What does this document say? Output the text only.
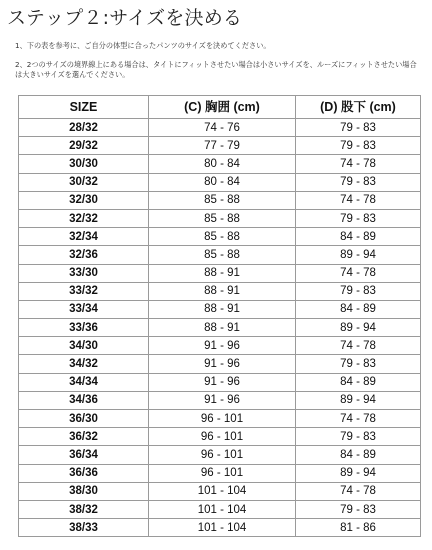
ステップ２:サイズを決める

1、下の表を参考に、ご自分の体型に合ったパンツのサイズを決めてください。

2、2つのサイズの境界線上にある場合は、タイトにフィットさせたい場合は小さいサイズを、ルーズにフィットさせたい場合は大きいサイズを選んでください。

SIZE	(C) 胸囲 (cm)	(D) 股下 (cm)
28/32	74 - 76	79 - 83
29/32	77 - 79	79 - 83
30/30	80 - 84	74 - 78
30/32	80 - 84	79 - 83
32/30	85 - 88	74 - 78
32/32	85 - 88	79 - 83
32/34	85 - 88	84 - 89
32/36	85 - 88	89 - 94
33/30	88 - 91	74 - 78
33/32	88 - 91	79 - 83
33/34	88 - 91	84 - 89
33/36	88 - 91	89 - 94
34/30	91 - 96	74 - 78
34/32	91 - 96	79 - 83
34/34	91 - 96	84 - 89
34/36	91 - 96	89 - 94
36/30	96 - 101	74 - 78
36/32	96 - 101	79 - 83
36/34	96 - 101	84 - 89
36/36	96 - 101	89 - 94
38/30	101 - 104	74 - 78
38/32	101 - 104	79 - 83
38/33	101 - 104	81 - 86
